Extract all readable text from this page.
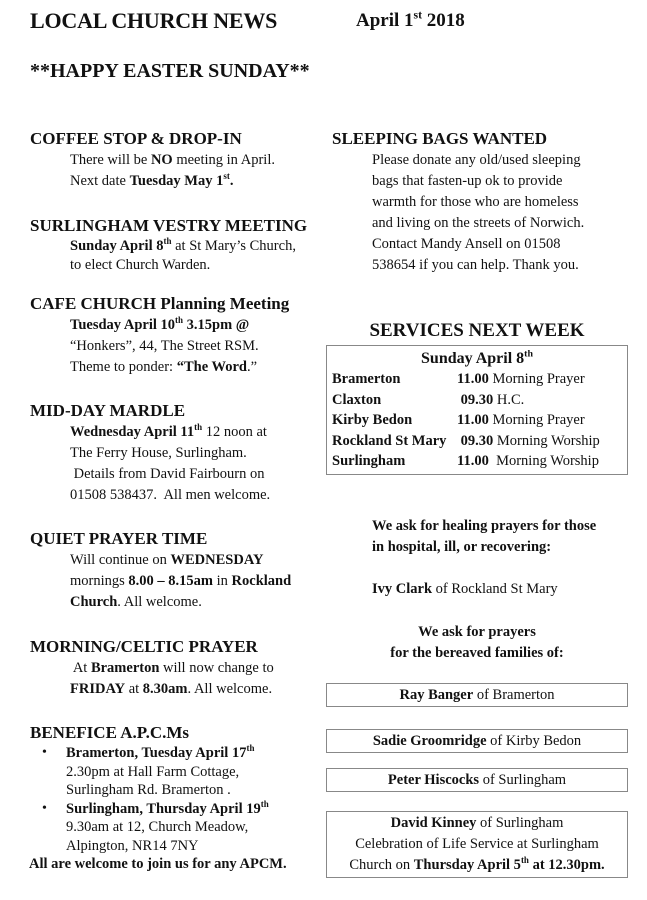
LOCAL CHURCH NEWS	April 1st 2018
**HAPPY EASTER SUNDAY**
COFFEE STOP & DROP-IN
There will be NO meeting in April.
Next date Tuesday May 1st.
SURLINGHAM VESTRY MEETING
Sunday April 8th at St Mary’s Church,
to elect Church Warden.
CAFE CHURCH Planning Meeting
Tuesday April 10th 3.15pm @
“Honkers”, 44, The Street RSM.
Theme to ponder: “The Word.”
MID-DAY MARDLE
Wednesday April 11th 12 noon at
The Ferry House, Surlingham.
Details from David Fairbourn on
01508 538437.  All men welcome.
QUIET PRAYER TIME
Will continue on WEDNESDAY
mornings 8.00 – 8.15am in Rockland
Church. All welcome.
MORNING/CELTIC PRAYER
At Bramerton will now change to
FRIDAY at 8.30am. All welcome.
BENEFICE A.P.C.Ms
• Bramerton, Tuesday April 17th
2.30pm at Hall Farm Cottage,
Surlingham Rd. Bramerton .
• Surlingham, Thursday April 19th
9.30am at 12, Church Meadow,
Alpington, NR14 7NY
All are welcome to join us for any APCM.
SLEEPING BAGS WANTED
Please donate any old/used sleeping
bags that fasten-up ok to provide
warmth for those who are homeless
and living on the streets of Norwich.
Contact Mandy Ansell on 01508
538654 if you can help. Thank you.
SERVICES NEXT WEEK
Sunday April 8th
Bramerton	11.00 Morning Prayer
Claxton	09.30 H.C.
Kirby Bedon	11.00 Morning Prayer
Rockland St Mary	09.30 Morning Worship
Surlingham	11.00  Morning Worship
We ask for healing prayers for those
in hospital, ill, or recovering:
Ivy Clark of Rockland St Mary
We ask for prayers
for the bereaved families of:
Ray Banger of Bramerton
Sadie Groomridge of Kirby Bedon
Peter Hiscocks of Surlingham
David Kinney of Surlingham
Celebration of Life Service at Surlingham
Church on Thursday April 5th at 12.30pm.
